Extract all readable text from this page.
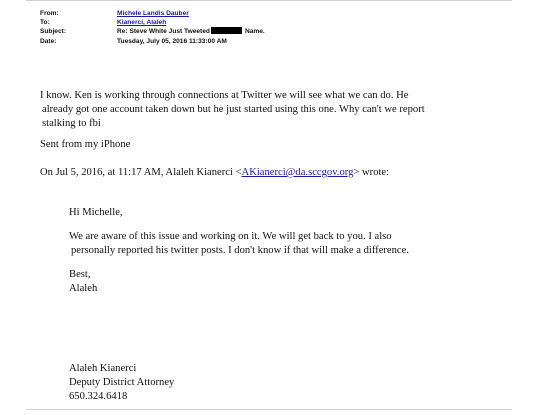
From:	Michele Landis Dauber
To:	Kianerci, Alaleh
Subject:	Re: Steve White Just Tweeted	Name.
Date:	Tuesday, July 05, 2016 11:33:00 AM
I know. Ken is working through connections at Twitter we will see what we can do. He
already got one account taken down but he just started using this one. Why can't we report
stalking to fbi
Sent from my iPhone
On Jul 5, 2016, at 11:17 AM, Alaleh Kianerci <AKianerci@da.sccgov.org> wrote:
Hi Michelle,
We are aware of this issue and working on it. We will get back to you. I also
personally reported his twitter posts. I don't know if that will make a difference.
Best,
Alaleh
Alaleh Kianerci
Deputy District Attorney
650.324.6418
